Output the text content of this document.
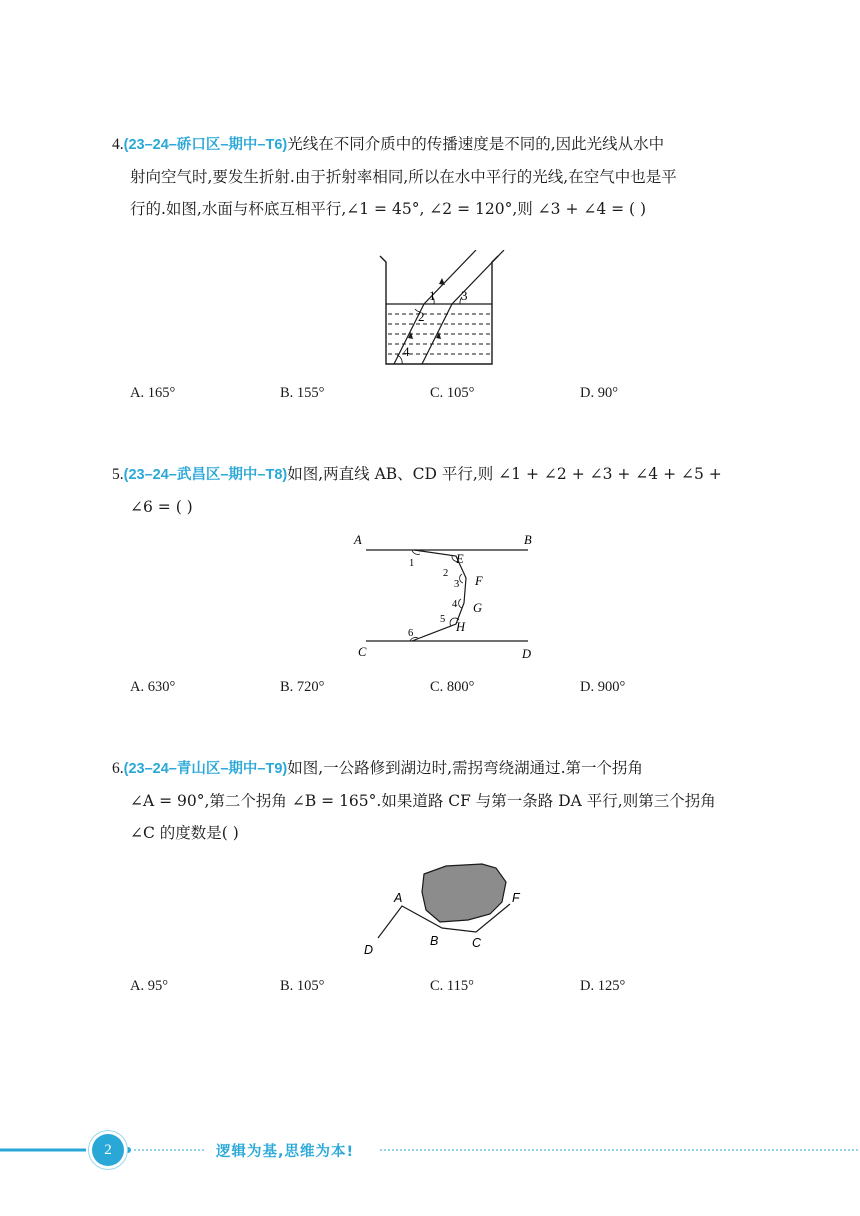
4.(23–24–硚口区–期中–T6)光线在不同介质中的传播速度是不同的,因此光线从水中
射向空气时,要发生折射.由于折射率相同,所以在水中平行的光线,在空气中也是平
行的.如图,水面与杯底互相平行,∠1 = 45°, ∠2 = 120°,则 ∠3 + ∠4 = ( )
1
2
3
4
A. 165°	B. 155°	C. 105°	D. 90°
5.(23–24–武昌区–期中–T8)如图,两直线 AB、CD 平行,则 ∠1 + ∠2 + ∠3 + ∠4 + ∠5 +
∠6 = ( )
A	B
C	D
E
F
G
H
1
2
3
4
5
6
A. 630°	B. 720°	C. 800°	D. 900°
6.(23–24–青山区–期中–T9)如图,一公路修到湖边时,需拐弯绕湖通过.第一个拐角
∠A = 90°,第二个拐角 ∠B = 165°.如果道路 CF 与第一条路 DA 平行,则第三个拐角
∠C 的度数是( )
A
B	C
D
F
A. 95°	B. 105°	C. 115°	D. 125°
2	逻辑为基,思维为本!
